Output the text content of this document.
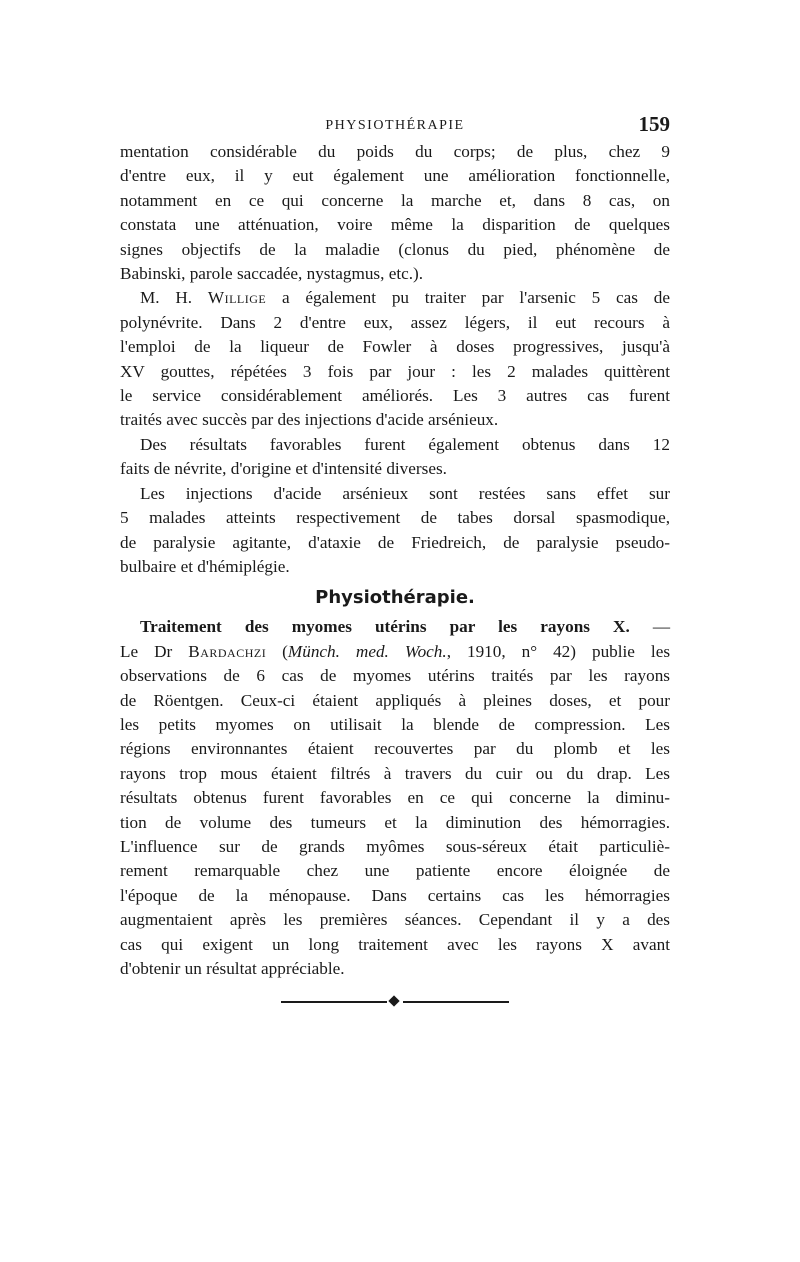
PHYSIOTHÉRAPIE	159

mentation considérable du poids du corps; de plus, chez 9
d'entre eux, il y eut également une amélioration fonctionnelle,
notamment en ce qui concerne la marche et, dans 8 cas, on
constata une atténuation, voire même la disparition de quelques
signes objectifs de la maladie (clonus du pied, phénomène de
Babinski, parole saccadée, nystagmus, etc.).

M. H. Willige a également pu traiter par l'arsenic 5 cas de
polynévrite. Dans 2 d'entre eux, assez légers, il eut recours à
l'emploi de la liqueur de Fowler à doses progressives, jusqu'à
XV gouttes, répétées 3 fois par jour : les 2 malades quittèrent
le service considérablement améliorés. Les 3 autres cas furent
traités avec succès par des injections d'acide arsénieux.

Des résultats favorables furent également obtenus dans 12
faits de névrite, d'origine et d'intensité diverses.

Les injections d'acide arsénieux sont restées sans effet sur
5 malades atteints respectivement de tabes dorsal spasmodique,
de paralysie agitante, d'ataxie de Friedreich, de paralysie pseudo-
bulbaire et d'hémiplégie.

Physiothérapie.

Traitement des myomes utérins par les rayons X. —
Le Dr Bardachzi (Münch. med. Woch., 1910, n° 42) publie les
observations de 6 cas de myomes utérins traités par les rayons
de Röentgen. Ceux-ci étaient appliqués à pleines doses, et pour
les petits myomes on utilisait la blende de compression. Les
régions environnantes étaient recouvertes par du plomb et les
rayons trop mous étaient filtrés à travers du cuir ou du drap. Les
résultats obtenus furent favorables en ce qui concerne la diminu-
tion de volume des tumeurs et la diminution des hémorragies.
L'influence sur de grands myômes sous-séreux était particuliè-
rement remarquable chez une patiente encore éloignée de
l'époque de la ménopause. Dans certains cas les hémorragies
augmentaient après les premières séances. Cependant il y a des
cas qui exigent un long traitement avec les rayons X avant
d'obtenir un résultat appréciable.
